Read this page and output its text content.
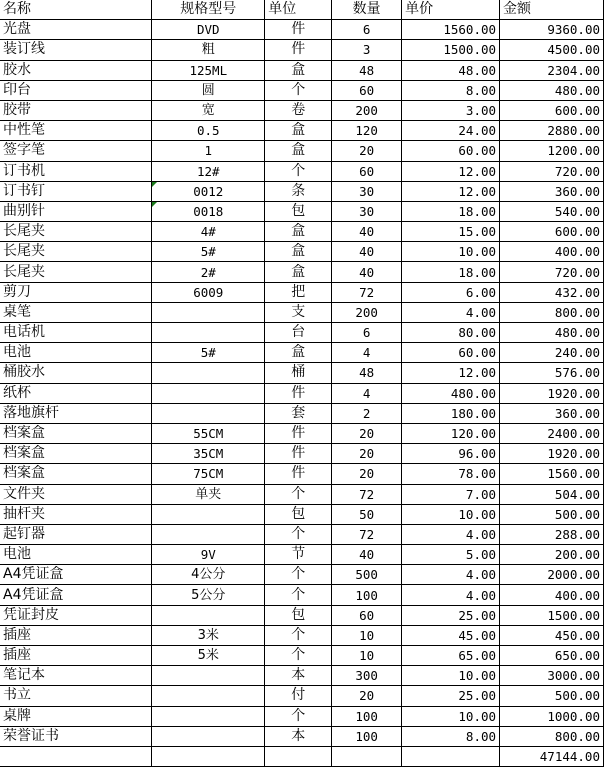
名称	规格型号	单位	数量	单价	金额
光盘	DVD	件	6	1560.00	9360.00
装订线	粗	件	3	1500.00	4500.00
胶水	125ML	盒	48	48.00	2304.00
印台	圆	个	60	8.00	480.00
胶带	宽	卷	200	3.00	600.00
中性笔	0.5	盒	120	24.00	2880.00
签字笔	1	盒	20	60.00	1200.00
订书机	12#	个	60	12.00	720.00
订书钉	0012	条	30	12.00	360.00
曲别针	0018	包	30	18.00	540.00
长尾夹	4#	盒	40	15.00	600.00
长尾夹	5#	盒	40	10.00	400.00
长尾夹	2#	盒	40	18.00	720.00
剪刀	6009	把	72	6.00	432.00
桌笔		支	200	4.00	800.00
电话机		台	6	80.00	480.00
电池	5#	盒	4	60.00	240.00
桶胶水		桶	48	12.00	576.00
纸杯		件	4	480.00	1920.00
落地旗杆		套	2	180.00	360.00
档案盒	55CM	件	20	120.00	2400.00
档案盒	35CM	件	20	96.00	1920.00
档案盒	75CM	件	20	78.00	1560.00
文件夹	单夹	个	72	7.00	504.00
抽杆夹		包	50	10.00	500.00
起钉器		个	72	4.00	288.00
电池	9V	节	40	5.00	200.00
A4凭证盒	4公分	个	500	4.00	2000.00
A4凭证盒	5公分	个	100	4.00	400.00
凭证封皮		包	60	25.00	1500.00
插座	3米	个	10	45.00	450.00
插座	5米	个	10	65.00	650.00
笔记本		本	300	10.00	3000.00
书立		付	20	25.00	500.00
桌牌		个	100	10.00	1000.00
荣誉证书		本	100	8.00	800.00
					47144.00
